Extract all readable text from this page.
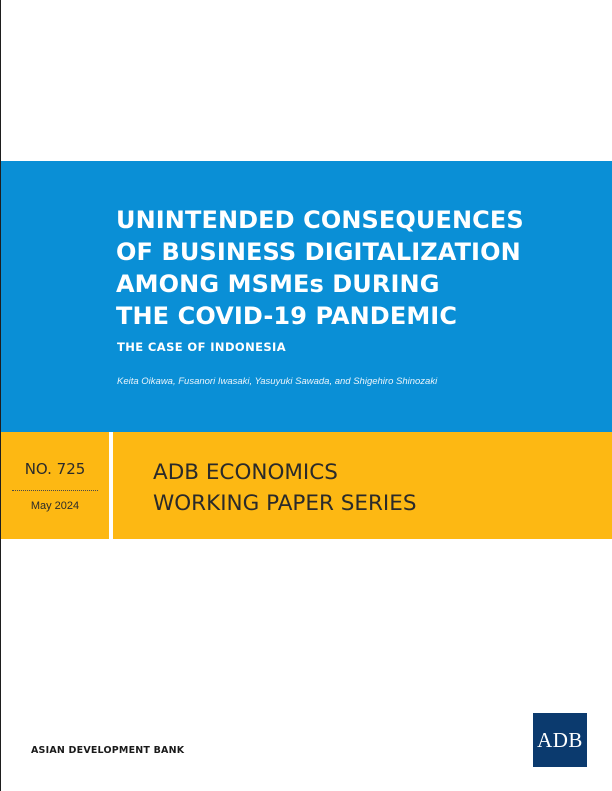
UNINTENDED CONSEQUENCES
OF BUSINESS DIGITALIZATION
AMONG MSMEs DURING
THE COVID-19 PANDEMIC
THE CASE OF INDONESIA
Keita Oikawa, Fusanori Iwasaki, Yasuyuki Sawada, and Shigehiro Shinozaki
NO. 725
May 2024
ADB ECONOMICS
WORKING PAPER SERIES
ASIAN DEVELOPMENT BANK	ADB
